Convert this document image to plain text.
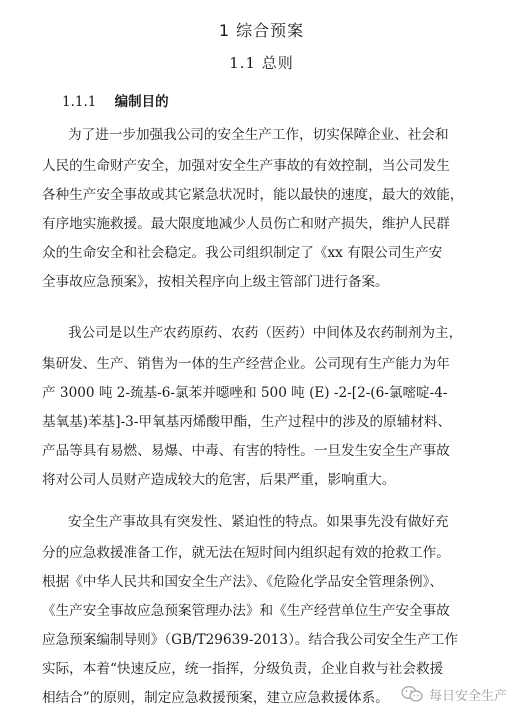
1 综合预案
1.1 总则
1.1.1 编制目的
为了进一步加强我公司的安全生产工作，切实保障企业、社会和
人民的生命财产安全，加强对安全生产事故的有效控制，当公司发生
各种生产安全事故或其它紧急状况时，能以最快的速度，最大的效能，
有序地实施救援。最大限度地减少人员伤亡和财产损失，维护人民群
众的生命安全和社会稳定。我公司组织制定了《xx 有限公司生产安
全事故应急预案》，按相关程序向上级主管部门进行备案。
我公司是以生产农药原药、农药（医药）中间体及农药制剂为主，
集研发、生产、销售为一体的生产经营企业。公司现有生产能力为年
产 3000 吨 2-巯基-6-氯苯并噁唑和 500 吨 (E) -2-[2-(6-氯嘧啶-4-
基氧基)苯基]-3-甲氧基丙烯酸甲酯，生产过程中的涉及的原辅材料、
产品等具有易燃、易爆、中毒、有害的特性。一旦发生安全生产事故
将对公司人员财产造成较大的危害，后果严重，影响重大。
安全生产事故具有突发性、紧迫性的特点。如果事先没有做好充
分的应急救援准备工作，就无法在短时间内组织起有效的抢救工作。
根据《中华人民共和国安全生产法》、《危险化学品安全管理条例》、
《生产安全事故应急预案管理办法》和《生产经营单位生产安全事故
应急预案编制导则》（GB/T29639-2013）。结合我公司安全生产工作
实际，本着“快速反应，统一指挥，分级负责，企业自救与社会救援
相结合”的原则，制定应急救援预案，建立应急救援体系。	每日安全生产
